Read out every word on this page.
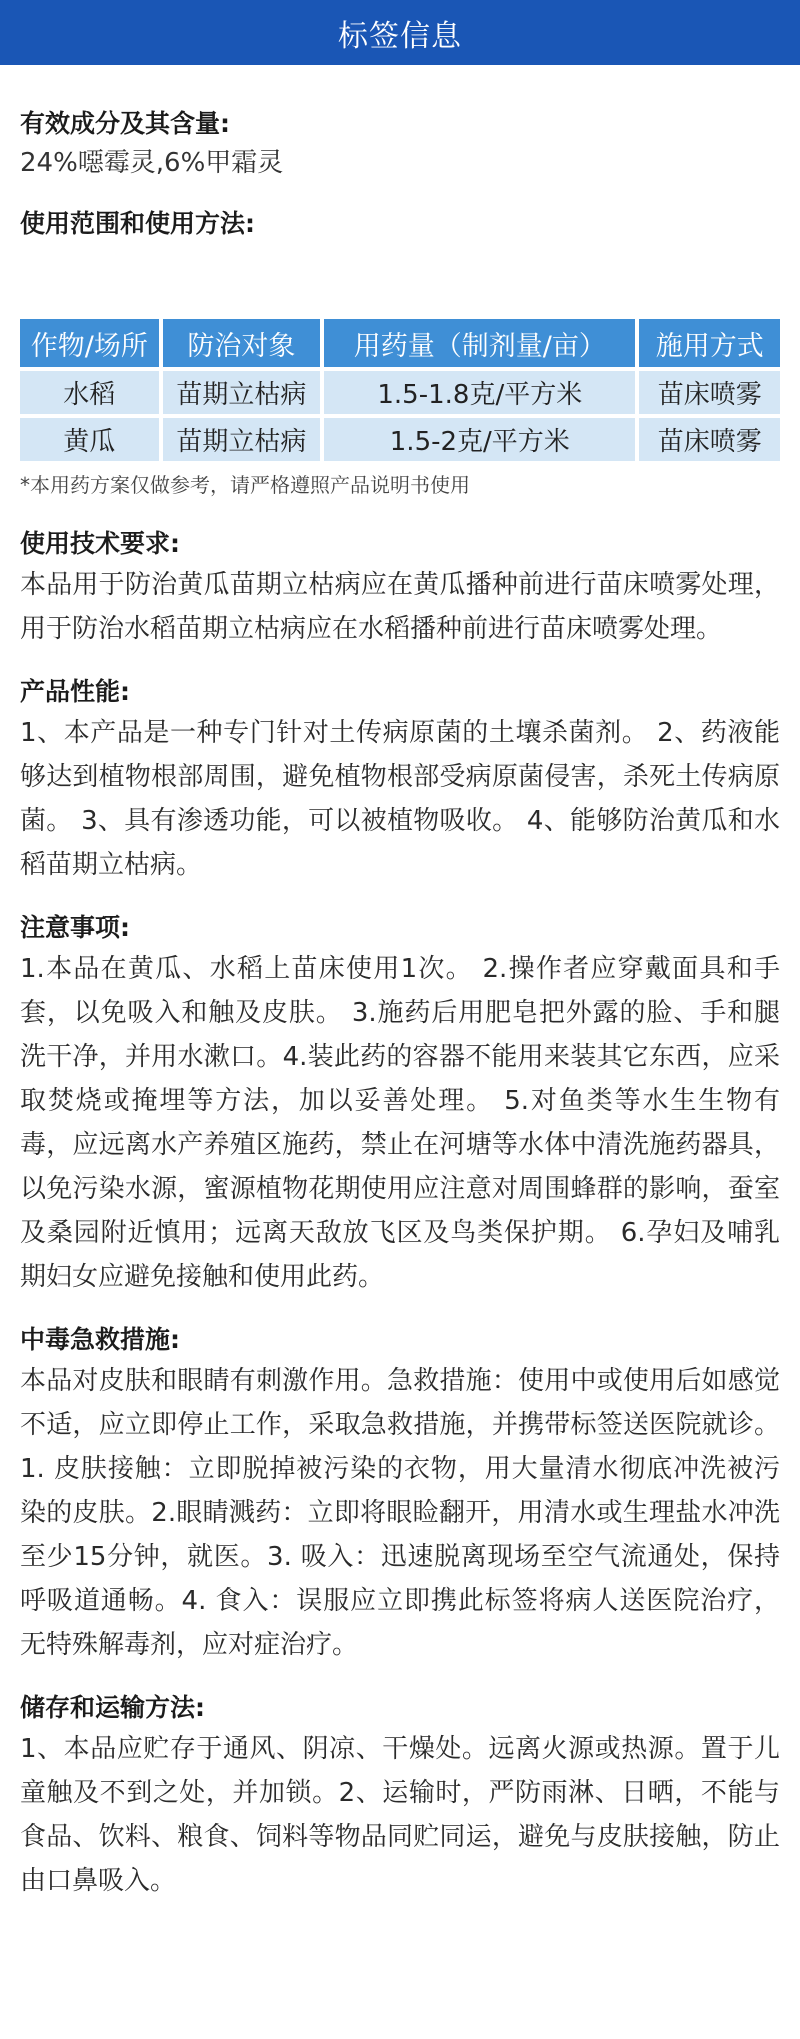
标签信息
有效成分及其含量:
24%噁霉灵,6%甲霜灵
使用范围和使用方法:
作物/场所	防治对象	用药量（制剂量/亩）	施用方式
水稻	苗期立枯病	1.5-1.8克/平方米	苗床喷雾
黄瓜	苗期立枯病	1.5-2克/平方米	苗床喷雾
*本用药方案仅做参考，请严格遵照产品说明书使用
使用技术要求:
本品用于防治黄瓜苗期立枯病应在黄瓜播种前进行苗床喷雾处理，用于防治水稻苗期立枯病应在水稻播种前进行苗床喷雾处理。
产品性能:
1、本产品是一种专门针对土传病原菌的土壤杀菌剂。 2、药液能够达到植物根部周围，避免植物根部受病原菌侵害，杀死土传病原菌。 3、具有渗透功能，可以被植物吸收。 4、能够防治黄瓜和水稻苗期立枯病。
注意事项:
1.本品在黄瓜、水稻上苗床使用1次。 2.操作者应穿戴面具和手套，以免吸入和触及皮肤。 3.施药后用肥皂把外露的脸、手和腿洗干净，并用水漱口。4.装此药的容器不能用来装其它东西，应采取焚烧或掩埋等方法，加以妥善处理。 5.对鱼类等水生生物有毒，应远离水产养殖区施药，禁止在河塘等水体中清洗施药器具，以免污染水源，蜜源植物花期使用应注意对周围蜂群的影响，蚕室及桑园附近慎用；远离天敌放飞区及鸟类保护期。 6.孕妇及哺乳期妇女应避免接触和使用此药。
中毒急救措施:
本品对皮肤和眼睛有刺激作用。急救措施：使用中或使用后如感觉不适，应立即停止工作，采取急救措施，并携带标签送医院就诊。1. 皮肤接触：立即脱掉被污染的衣物，用大量清水彻底冲洗被污染的皮肤。2.眼睛溅药：立即将眼睑翻开，用清水或生理盐水冲洗至少15分钟，就医。3. 吸入：迅速脱离现场至空气流通处，保持呼吸道通畅。4. 食入：误服应立即携此标签将病人送医院治疗，无特殊解毒剂，应对症治疗。
储存和运输方法:
1、本品应贮存于通风、阴凉、干燥处。远离火源或热源。置于儿童触及不到之处，并加锁。2、运输时，严防雨淋、日晒，不能与食品、饮料、粮食、饲料等物品同贮同运，避免与皮肤接触，防止由口鼻吸入。
